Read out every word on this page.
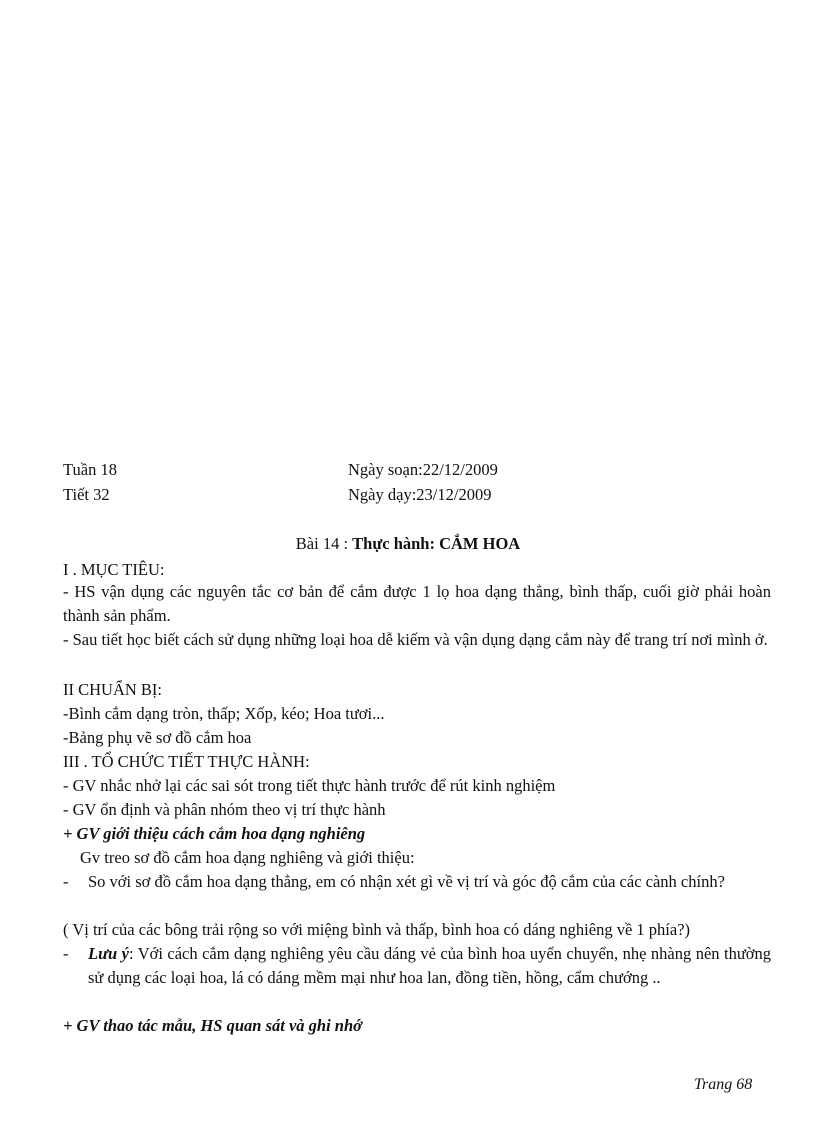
Tuần 18	Ngày soạn:22/12/2009
Tiết 32	Ngày dạy:23/12/2009
Bài 14 : Thực hành: CẮM HOA
I . MỤC TIÊU:
- HS vận dụng các nguyên tắc cơ bản để cắm được 1 lọ hoa dạng thẳng, bình thấp, cuối giờ phải hoàn thành sản phẩm.
- Sau tiết học biết cách sử dụng những loại hoa dễ kiếm và vận dụng dạng cắm này để trang trí nơi mình ở.
II CHUẨN BỊ:
-Bình cắm dạng tròn, thấp; Xốp, kéo; Hoa tươi...
-Bảng phụ vẽ sơ đồ cắm hoa
III . TỔ CHỨC TIẾT THỰC HÀNH:
- GV nhắc nhở lại các sai sót trong tiết thực hành trước để rút kinh nghiệm
- GV ổn định và phân nhóm theo vị trí thực hành
+ GV giới thiệu cách cắm hoa dạng nghiêng
Gv treo sơ đồ cắm hoa dạng nghiêng và giới thiệu:
- So với sơ đồ cắm hoa dạng thẳng, em có nhận xét gì về vị trí và góc độ cắm của các cành chính?
( Vị trí của các bông trải rộng so với miệng bình và thấp, bình hoa có dáng nghiêng về 1 phía?)
- Lưu ý: Với cách cắm dạng nghiêng yêu cầu dáng vẻ của bình hoa uyển chuyển, nhẹ nhàng nên thường sử dụng các loại hoa, lá có dáng mềm mại như hoa lan, đồng tiền, hồng, cẩm chướng ..
+ GV thao tác mẫu, HS quan sát và ghi nhớ
Trang 68
